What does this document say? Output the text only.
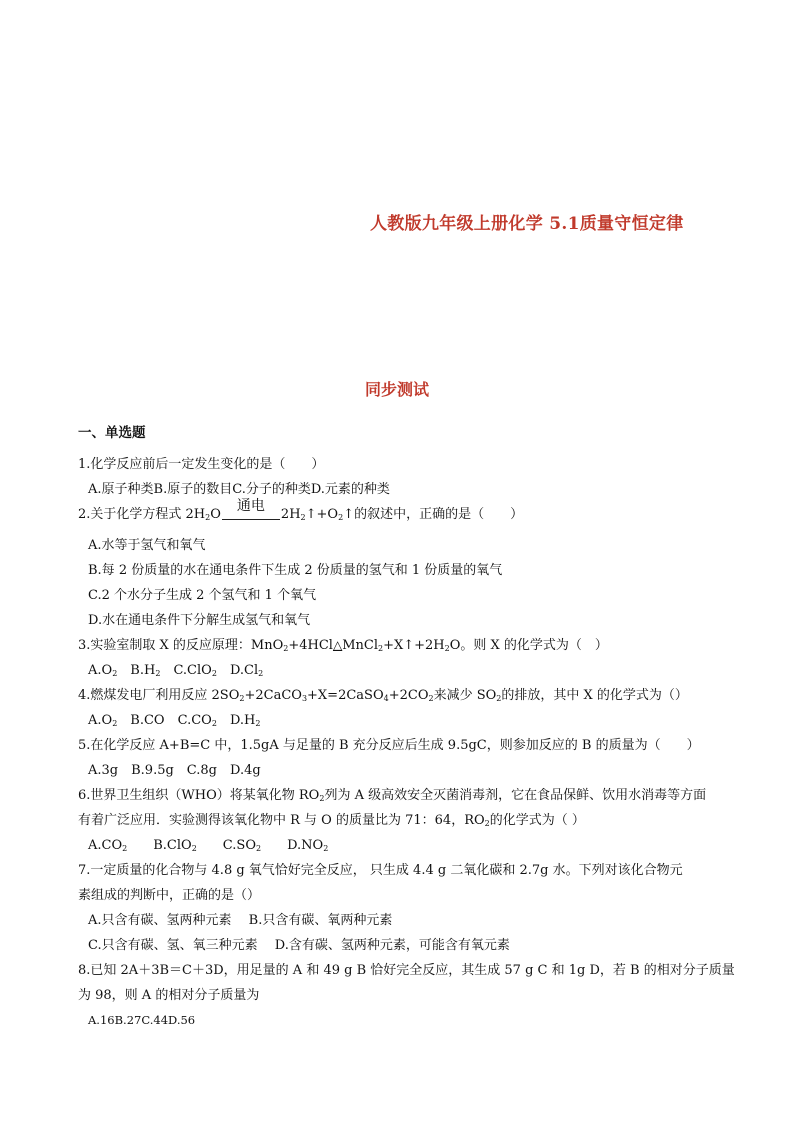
人教版九年级上册化学 5.1质量守恒定律
同步测试
一、单选题
1.化学反应前后一定发生变化的是（　　）
A.原子种类B.原子的数目C.分子的种类D.元素的种类
2.关于化学方程式 $2H_2O$
通电
$2H_2↑+O_2↑$的叙述中，正确的是（　　）
A.水等于氢气和氧气
B.每 2 份质量的水在通电条件下生成 2 份质量的氢气和 1 份质量的氧气
C.2 个水分子生成 2 个氢气和 1 个氧气
D.水在通电条件下分解生成氢气和氧气
3.实验室制取 X 的反应原理：$MnO_2+4HCl\triangle MnCl_2+X↑+2H_2O$。则 X 的化学式为（　）
$A.O_2$　 $B.H_2$　 C.ClO$_2$　 $D.Cl_2$
4.燃煤发电厂利用反应 $2SO_2+2CaCO_3+X=2CaSO_4+2CO_2$来减少 $SO_2$的排放，其中 X 的化学式为（）
$A.O_2$　 B.CO　 $C.CO_2$　 $D.H_2$
5.在化学反应 A+B=C 中，1.5gA 与足量的 B 充分反应后生成 9.5gC，则参加反应的 B 的质量为（　　）
A.3g　B.9.5g　C.8g　D.4g
6.世界卫生组织（WHO）将某氧化物 $RO_2$列为 A 级高效安全灭菌消毒剂，它在食品保鲜、饮用水消毒等方面
有着广泛应用．实验测得该氧化物中 R 与 O 的质量比为 71：64，$RO_2$的化学式为（ ）
$A.CO_2$　　 B.ClO$_2$　　 $C.SO_2$　　 $D.NO_2$
7.一定质量的化合物与 4.8 g 氧气恰好完全反应， 只生成 4.4 g 二氧化碳和 2.7g 水。下列对该化合物元
素组成的判断中，正确的是（）
A.只含有碳、氢两种元素　 B.只含有碳、氧两种元素
C.只含有碳、氢、氧三种元素　 D.含有碳、氢两种元素，可能含有氧元素
8.已知 2A＋3B＝C＋3D，用足量的 A 和 49 g B 恰好完全反应，其生成 57 g C 和 1g D，若 B 的相对分子质量
为 98，则 A 的相对分子质量为
A.16B.27C.44D.56
